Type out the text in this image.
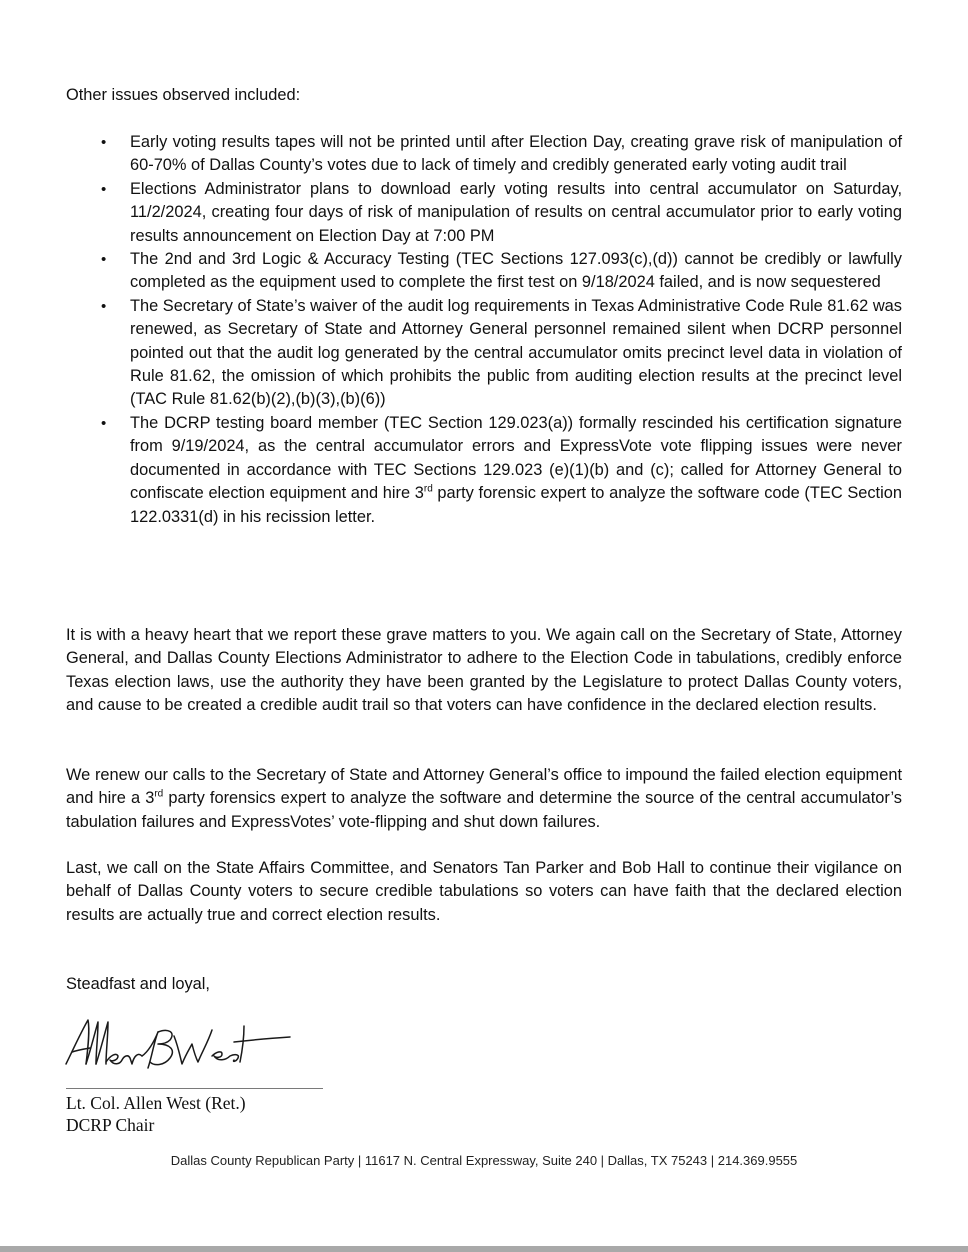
Other issues observed included:

• Early voting results tapes will not be printed until after Election Day, creating grave risk of manipulation of 60-70% of Dallas County’s votes due to lack of timely and credibly generated early voting audit trail
• Elections Administrator plans to download early voting results into central accumulator on Saturday, 11/2/2024, creating four days of risk of manipulation of results on central accumulator prior to early voting results announcement on Election Day at 7:00 PM
• The 2nd and 3rd Logic & Accuracy Testing (TEC Sections 127.093(c),(d)) cannot be credibly or lawfully completed as the equipment used to complete the first test on 9/18/2024 failed, and is now sequestered
• The Secretary of State’s waiver of the audit log requirements in Texas Administrative Code Rule 81.62 was renewed, as Secretary of State and Attorney General personnel remained silent when DCRP personnel pointed out that the audit log generated by the central accumulator omits precinct level data in violation of Rule 81.62, the omission of which prohibits the public from auditing election results at the precinct level (TAC Rule 81.62(b)(2),(b)(3),(b)(6))
• The DCRP testing board member (TEC Section 129.023(a)) formally rescinded his certification signature from 9/19/2024, as the central accumulator errors and ExpressVote vote flipping issues were never documented in accordance with TEC Sections 129.023 (e)(1)(b) and (c); called for Attorney General to confiscate election equipment and hire 3rd party forensic expert to analyze the software code (TEC Section 122.0331(d) in his recission letter.

It is with a heavy heart that we report these grave matters to you. We again call on the Secretary of State, Attorney General, and Dallas County Elections Administrator to adhere to the Election Code in tabulations, credibly enforce Texas election laws, use the authority they have been granted by the Legislature to protect Dallas County voters, and cause to be created a credible audit trail so that voters can have confidence in the declared election results.

We renew our calls to the Secretary of State and Attorney General’s office to impound the failed election equipment and hire a 3rd party forensics expert to analyze the software and determine the source of the central accumulator’s tabulation failures and ExpressVotes’ vote-flipping and shut down failures.

Last, we call on the State Affairs Committee, and Senators Tan Parker and Bob Hall to continue their vigilance on behalf of Dallas County voters to secure credible tabulations so voters can have faith that the declared election results are actually true and correct election results.

Steadfast and loyal,

Lt. Col. Allen West (Ret.)
DCRP Chair

Dallas County Republican Party | 11617 N. Central Expressway, Suite 240 | Dallas, TX 75243 | 214.369.9555
